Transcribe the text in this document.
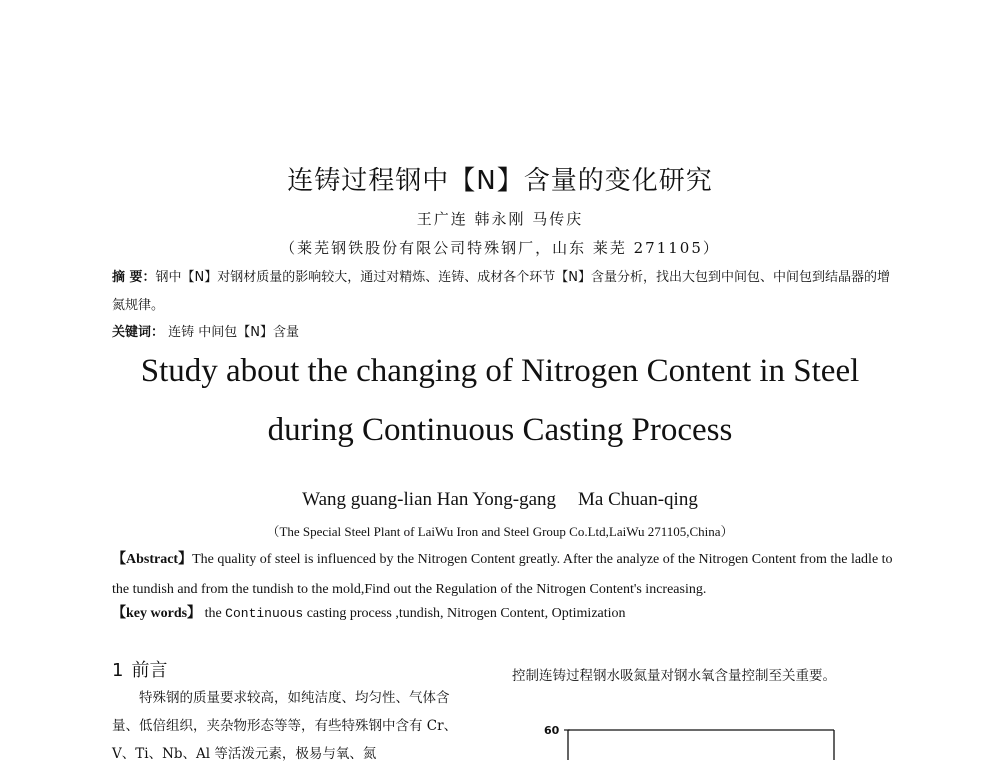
连铸过程钢中【N】含量的变化研究
王广连 韩永刚 马传庆
（莱芜钢铁股份有限公司特殊钢厂，山东 莱芜 271105）
摘 要：钢中【N】对钢材质量的影响较大，通过对精炼、连铸、成材各个环节【N】含量分析，找出大包到中间包、中间包到结晶器的增氮规律。
关键词： 连铸 中间包【N】含量
Study about the changing of Nitrogen Content in Steel
during Continuous Casting Process
Wang guang-lian Han Yong-gang Ma Chuan-qing
（The Special Steel Plant of LaiWu Iron and Steel Group Co.Ltd,LaiWu 271105,China）
【Abstract】The quality of steel is influenced by the Nitrogen Content greatly. After the analyze of the Nitrogen Content from the ladle to the tundish and from the tundish to the mold,Find out the Regulation of the Nitrogen Content's increasing.
【key words】 the Continuous casting process ,tundish, Nitrogen Content, Optimization
1 前言

特殊钢的质量要求较高，如纯洁度、均匀性、气体含量、低倍组织，夹杂物形态等等，有些特殊钢中含有 Cr、V、Ti、Nb、Al 等活泼元素，极易与氧、氮

控制连铸过程钢水吸氮量对钢水氧含量控制至关重要。

60
